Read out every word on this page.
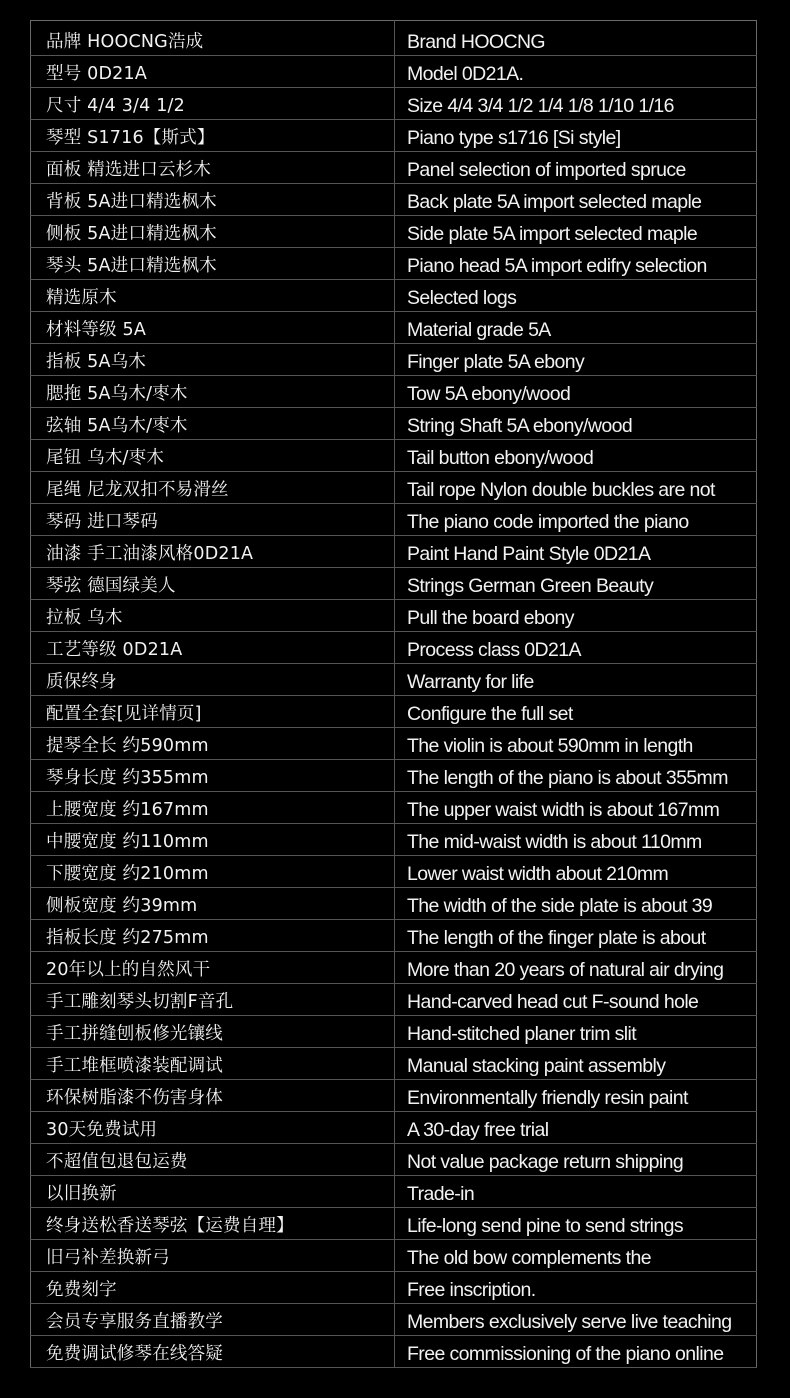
品牌 HOOCNG浩成	Brand HOOCNG
型号 0D21A	Model 0D21A.
尺寸 4/4 3/4 1/2	Size 4/4 3/4 1/2 1/4 1/8 1/10 1/16
琴型 S1716【斯式】	Piano type s1716 [Si style]
面板 精选进口云杉木	Panel selection of imported spruce
背板 5A进口精选枫木	Back plate 5A import selected maple
侧板 5A进口精选枫木	Side plate 5A import selected maple
琴头 5A进口精选枫木	Piano head 5A import edifry selection
精选原木	Selected logs
材料等级 5A	Material grade 5A
指板 5A乌木	Finger plate 5A ebony
腮拖 5A乌木/枣木	Tow 5A ebony/wood
弦轴 5A乌木/枣木	String Shaft 5A ebony/wood
尾钮 乌木/枣木	Tail button ebony/wood
尾绳 尼龙双扣不易滑丝	Tail rope Nylon double buckles are not
琴码 进口琴码	The piano code imported the piano
油漆 手工油漆风格0D21A	Paint Hand Paint Style 0D21A
琴弦 德国绿美人	Strings German Green Beauty
拉板 乌木	Pull the board ebony
工艺等级 0D21A	Process class 0D21A
质保终身	Warranty for life
配置全套[见详情页]	Configure the full set
提琴全长 约590mm	The violin is about 590mm in length
琴身长度 约355mm	The length of the piano is about 355mm
上腰宽度 约167mm	The upper waist width is about 167mm
中腰宽度 约110mm	The mid-waist width is about 110mm
下腰宽度 约210mm	Lower waist width about 210mm
侧板宽度 约39mm	The width of the side plate is about 39
指板长度 约275mm	The length of the finger plate is about
20年以上的自然风干	More than 20 years of natural air drying
手工雕刻琴头切割F音孔	Hand-carved head cut F-sound hole
手工拼缝刨板修光镶线	Hand-stitched planer trim slit
手工堆框喷漆装配调试	Manual stacking paint assembly
环保树脂漆不伤害身体	Environmentally friendly resin paint
30天免费试用	A 30-day free trial
不超值包退包运费	Not value package return shipping
以旧换新	Trade-in
终身送松香送琴弦【运费自理】	Life-long send pine to send strings
旧弓补差换新弓	The old bow complements the
免费刻字	Free inscription.
会员专享服务直播教学	Members exclusively serve live teaching
免费调试修琴在线答疑	Free commissioning of the piano online
